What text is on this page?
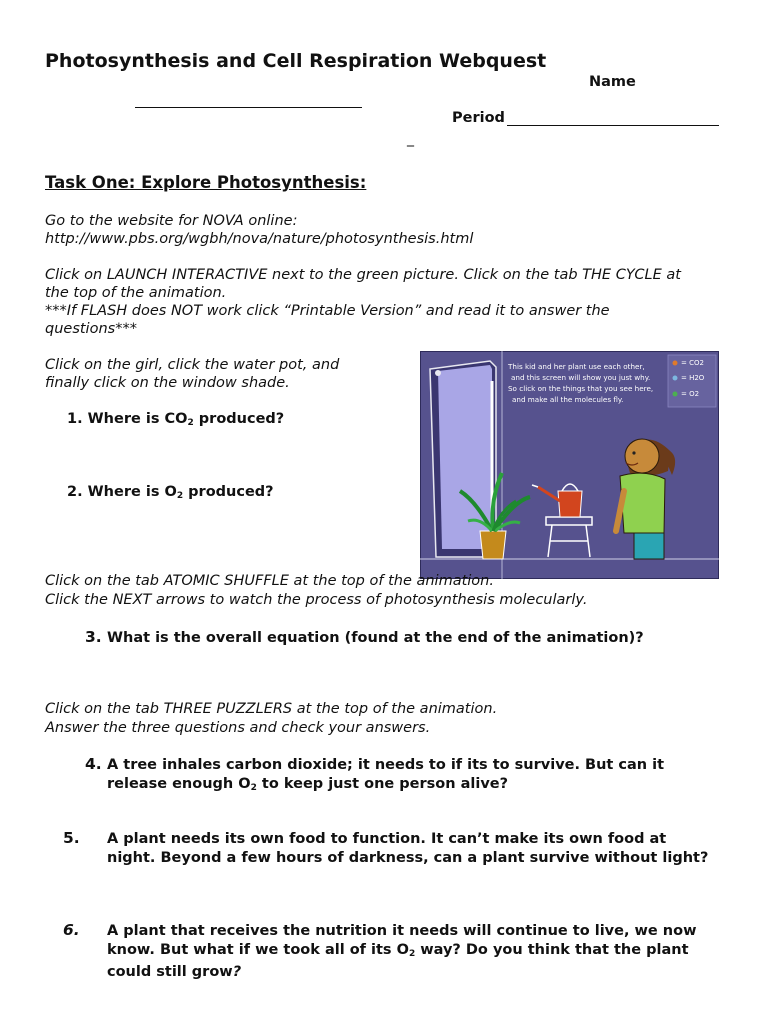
Photosynthesis and Cell Respiration Webquest
Name
Period
_
Task One: Explore Photosynthesis:
Go to the website for NOVA online:
http://www.pbs.org/wgbh/nova/nature/photosynthesis.html
Click on LAUNCH INTERACTIVE next to the green picture. Click on the tab THE CYCLE at
the top of the animation.
***If FLASH does NOT work click “Printable Version” and read it to answer the
questions***
Click on the girl, click the water pot, and
finally click on the window shade.
1. Where is $CO_2$ produced?
2. Where is $O_2$ produced?
This kid and her plant use each other, and this screen will show you just why. So click on the things that you see here, and make all the molecules fly.
= CO2 = H2O = O2
Click on the tab ATOMIC SHUFFLE at the top of the animation.
Click the NEXT arrows to watch the process of photosynthesis molecularly.
3. What is the overall equation (found at the end of the animation)?
Click on the tab THREE PUZZLERS at the top of the animation.
Answer the three questions and check your answers.
4. A tree inhales carbon dioxide; it needs to if its to survive. But can it
release enough $O_2$ to keep just one person alive?
5. A plant needs its own food to function. It can’t make its own food at night. Beyond a few hours of darkness, can a plant survive without light?
6. A plant that receives the nutrition it needs will continue to live, we now know. But what if we took all of its $O_2$ way? Do you think that the plant could still grow?
